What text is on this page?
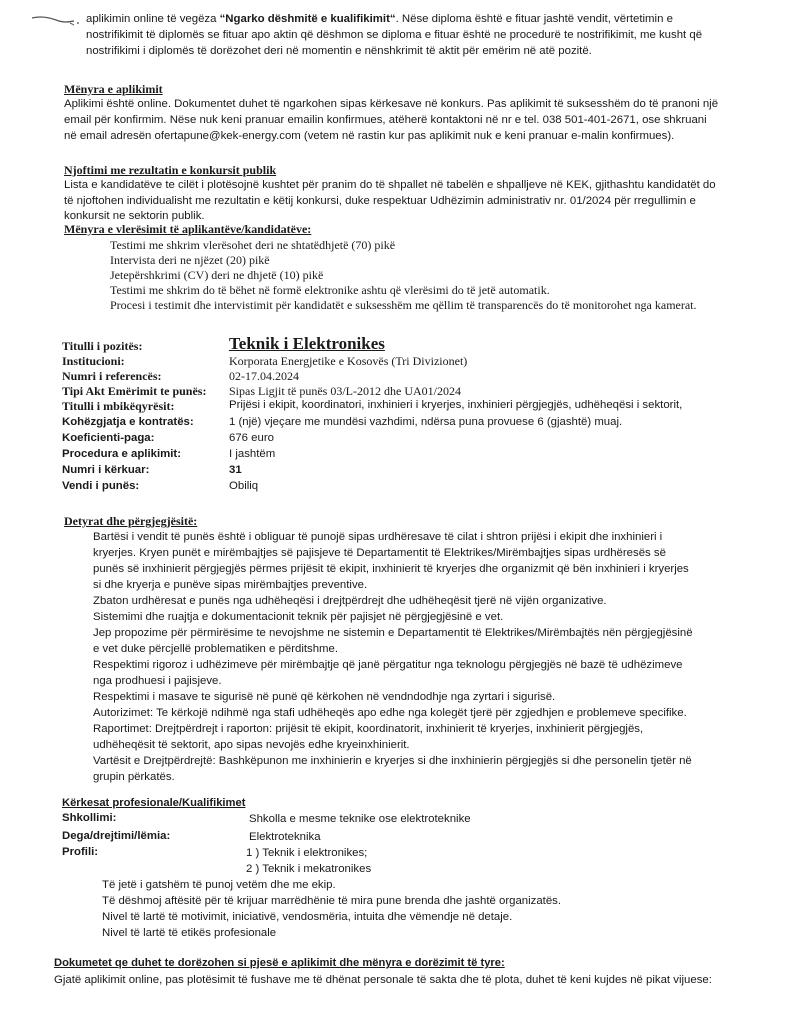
aplikimin online të vegëza “Ngarko dëshmitë e kualifikimit“. Nëse diploma është e fituar jashtë vendit, vërtetimin e
nostrifikimit të diplomës se fituar apo aktin që dëshmon se diploma e fituar është ne procedurë te nostrifikimit, me kusht që
nostrifikimi i diplomës të dorëzohet deri në momentin e nënshkrimit të aktit për emërim në atë pozitë.
Mënyra e aplikimit
Aplikimi është online. Dokumentet duhet të ngarkohen sipas kërkesave në konkurs. Pas aplikimit të suksesshëm do të pranoni një
email për konfirmim. Nëse nuk keni pranuar emailin konfirmues, atëherë kontaktoni në nr e tel. 038 501-401-2671, ose shkruani
në email adresën ofertapune@kek-energy.com (vetem në rastin kur pas aplikimit nuk e keni pranuar e-malin konfirmues).
Njoftimi me rezultatin e konkursit publik
Lista e kandidatëve te cilët i plotësojnë kushtet për pranim do të shpallet në tabelën e shpalljeve në KEK, gjithashtu kandidatët do
të njoftohen individualisht me rezultatin e këtij konkursi, duke respektuar Udhëzimin administrativ nr. 01/2024 për rregullimin e
konkursit ne sektorin publik.
Mënyra e vlerësimit të aplikantëve/kandidatëve:
Testimi me shkrim vlerësohet deri ne shtatëdhjetë (70) pikë
Intervista deri ne njëzet (20) pikë
Jetepërshkrimi (CV) deri ne dhjetë (10) pikë
Testimi me shkrim do të bëhet në formë elektronike ashtu që vlerësimi do të jetë automatik.
Procesi i testimit dhe intervistimit për kandidatët e suksesshëm me qëllim të transparencës do të monitorohet nga kamerat.
Titulli i pozitës:	Teknik i Elektronikes
Institucioni:	Korporata Energjetike e Kosovës (Tri Divizionet)
Numri i referencës:	02-17.04.2024
Tipi Akt Emërimit te punës: Sipas Ligjit të punës 03/L-2012 dhe UA01/2024
Titulli i mbikëqyrësit:	Prijësi i ekipit, koordinatori, inxhinieri i kryerjes, inxhinieri përgjegjës, udhëheqësi i sektorit,
Kohëzgjatja e kontratës:	1 (një) vjeçare me mundësi vazhdimi, ndërsa puna provuese 6 (gjashtë) muaj.
Koeficienti-paga:	676 euro
Procedura e aplikimit:	I jashtëm
Numri i kërkuar:	31
Vendi i punës:	Obiliq
Detyrat dhe përgjegjësitë:
Bartësi i vendit të punës është i obliguar të punojë sipas urdhëresave të cilat i shtron prijësi i ekipit dhe inxhinieri i
kryerjes. Kryen punët e mirëmbajtjes së pajisjeve të Departamentit të Elektrikes/Mirëmbajtjes sipas urdhëresës së
punës së inxhinierit përgjegjës përmes prijësit të ekipit, inxhinierit të kryerjes dhe organizmit që bën inxhinieri i kryerjes
si dhe kryerja e punëve sipas mirëmbajtjes preventive.
Zbaton urdhëresat e punës nga udhëheqësi i drejtpërdrejt dhe udhëheqësit tjerë në vijën organizative.
Sistemimi dhe ruajtja e dokumentacionit teknik për pajisjet në përgjegjësinë e vet.
Jep propozime për përmirësime te nevojshme ne sistemin e Departamentit të Elektrikes/Mirëmbajtës nën përgjegjësinë
e vet duke përcjellë problematiken e përditshme.
Respektimi rigoroz i udhëzimeve për mirëmbajtje që janë përgatitur nga teknologu përgjegjës në bazë të udhëzimeve
nga prodhuesi i pajisjeve.
Respektimi i masave te sigurisë në punë që kërkohen në vendndodhje nga zyrtari i sigurisë.
Autorizimet: Te kërkojë ndihmë nga stafi udhëheqës apo edhe nga kolegët tjerë për zgjedhjen e problemeve specifike.
Raportimet: Drejtpërdrejt i raporton: prijësit të ekipit, koordinatorit, inxhinierit të kryerjes, inxhinierit përgjegjës,
udhëheqësit të sektorit, apo sipas nevojës edhe kryeinxhinierit.
Vartësit e Drejtpërdrejtë: Bashkëpunon me inxhinierin e kryerjes si dhe inxhinierin përgjegjës si dhe personelin tjetër në
grupin përkatës.
Kërkesat profesionale/Kualifikimet
Shkollimi:	Shkolla e mesme teknike ose elektroteknike
Dega/drejtimi/lëmia:	Elektroteknika
Profili:	1 ) Teknik i elektronikes;
2 ) Teknik i mekatronikes
Të jetë i gatshëm të punoj vetëm dhe me ekip.
Të dëshmoj aftësitë për të krijuar marrëdhënie të mira pune brenda dhe jashtë organizatës.
Nivel të lartë të motivimit, iniciativë, vendosmëria, intuita dhe vëmendje në detaje.
Nivel të lartë të etikës profesionale
Dokumetet qe duhet te dorëzohen si pjesë e aplikimit dhe mënyra e dorëzimit të tyre:
Gjatë aplikimit online, pas plotësimit të fushave me të dhënat personale të sakta dhe të plota, duhet të keni kujdes në pikat vijuese:
